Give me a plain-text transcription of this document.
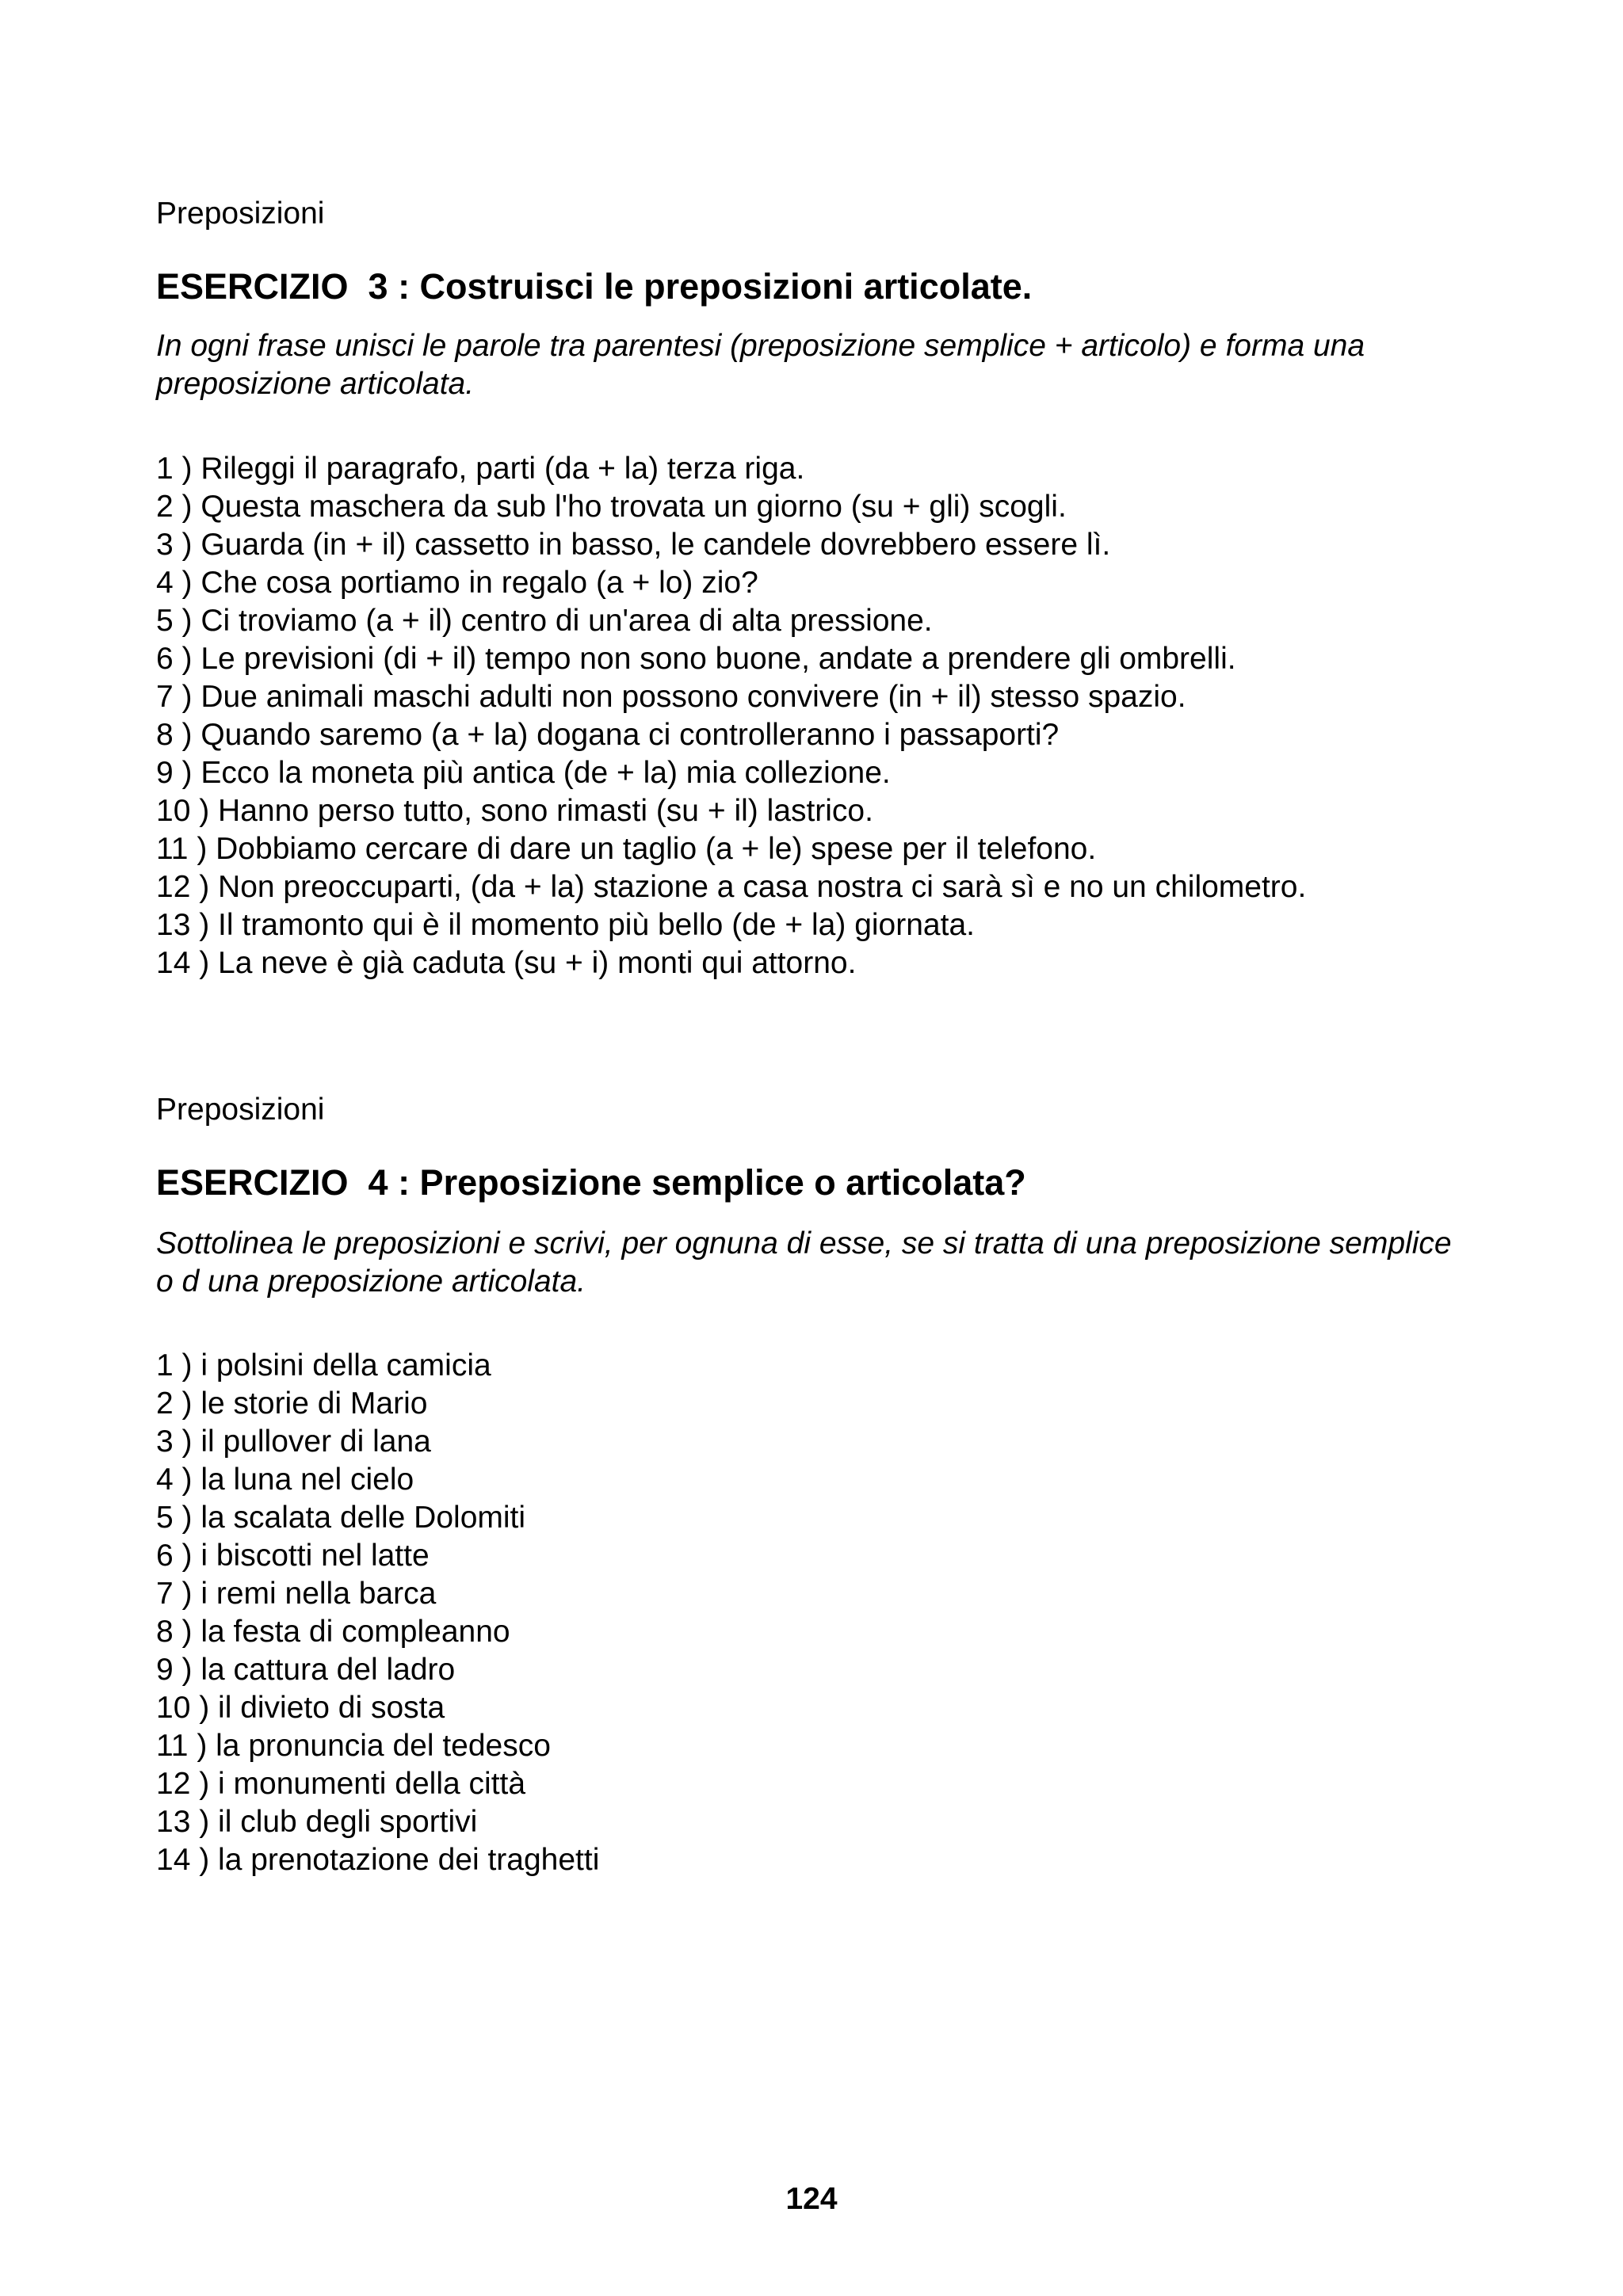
Preposizioni

ESERCIZIO  3 : Costruisci le preposizioni articolate.

In ogni frase unisci le parole tra parentesi (preposizione semplice + articolo) e forma una preposizione articolata.

1 ) Rileggi il paragrafo, parti (da + la) terza riga.
2 ) Questa maschera da sub l'ho trovata un giorno (su + gli) scogli.
3 ) Guarda (in + il) cassetto in basso, le candele dovrebbero essere lì.
4 ) Che cosa portiamo in regalo (a + lo) zio?
5 ) Ci troviamo (a + il) centro di un'area di alta pressione.
6 ) Le previsioni (di + il) tempo non sono buone, andate a prendere gli ombrelli.
7 ) Due animali maschi adulti non possono convivere (in + il) stesso spazio.
8 ) Quando saremo (a + la) dogana ci controlleranno i passaporti?
9 ) Ecco la moneta più antica (de + la) mia collezione.
10 ) Hanno perso tutto, sono rimasti (su + il) lastrico.
11 ) Dobbiamo cercare di dare un taglio (a + le) spese per il telefono.
12 ) Non preoccuparti, (da + la) stazione a casa nostra ci sarà sì e no un chilometro.
13 ) Il tramonto qui è il momento più bello (de + la) giornata.
14 ) La neve è già caduta (su + i) monti qui attorno.

Preposizioni

ESERCIZIO  4 : Preposizione semplice o articolata?

Sottolinea le preposizioni e scrivi, per ognuna di esse, se si tratta di una preposizione semplice o d una preposizione articolata.

1 ) i polsini della camicia
2 ) le storie di Mario
3 ) il pullover di lana
4 ) la luna nel cielo
5 ) la scalata delle Dolomiti
6 ) i biscotti nel latte
7 ) i remi nella barca
8 ) la festa di compleanno
9 ) la cattura del ladro
10 ) il divieto di sosta
11 ) la pronuncia del tedesco
12 ) i monumenti della città
13 ) il club degli sportivi
14 ) la prenotazione dei traghetti
124
